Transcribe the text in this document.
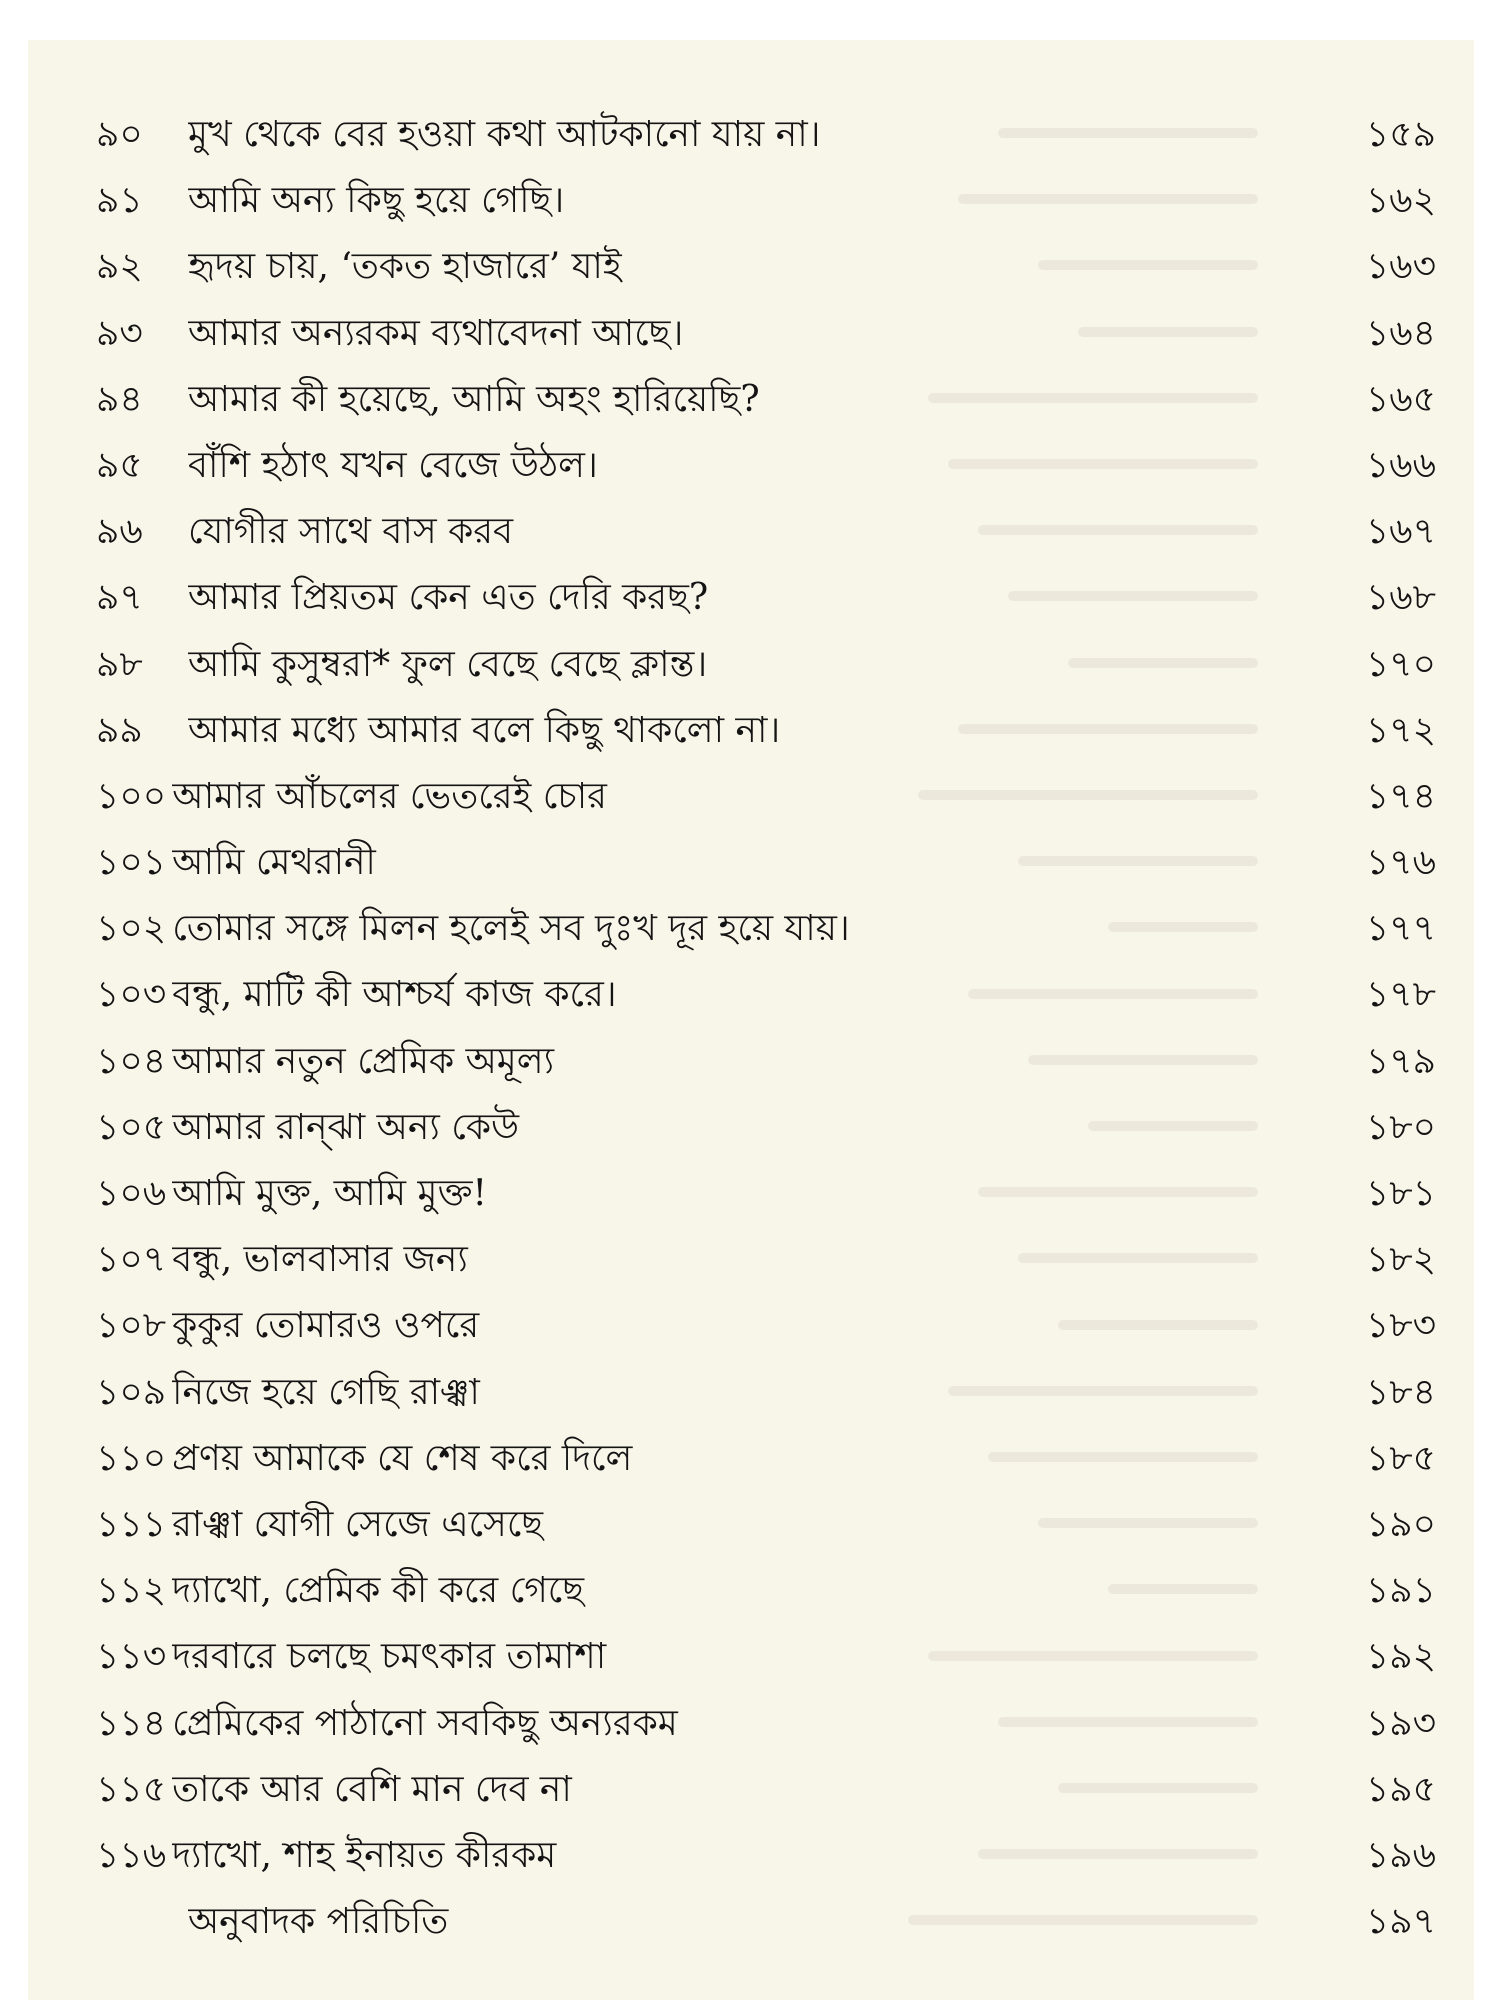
৯০	মুখ থেকে বের হওয়া কথা আটকানো যায় না।	১৫৯
৯১	আমি অন্য কিছু হয়ে গেছি।	১৬২
৯২	হৃদয় চায়, ‘তকত হাজারে’ যাই	১৬৩
৯৩	আমার অন্যরকম ব্যথাবেদনা আছে।	১৬৪
৯৪	আমার কী হয়েছে, আমি অহং হারিয়েছি?	১৬৫
৯৫	বাঁশি হঠাৎ যখন বেজে উঠল।	১৬৬
৯৬	যোগীর সাথে বাস করব	১৬৭
৯৭	আমার প্রিয়তম কেন এত দেরি করছ?	১৬৮
৯৮	আমি কুসুম্বরা* ফুল বেছে বেছে ক্লান্ত।	১৭০
৯৯	আমার মধ্যে আমার বলে কিছু থাকলো না।	১৭২
১০০ আমার আঁচলের ভেতরেই চোর	১৭৪
১০১ আমি মেথরানী	১৭৬
১০২ তোমার সঙ্গে মিলন হলেই সব দুঃখ দূর হয়ে যায়।	১৭৭
১০৩ বন্ধু, মাটি কী আশ্চর্য কাজ করে।	১৭৮
১০৪ আমার নতুন প্রেমিক অমূল্য	১৭৯
১০৫ আমার রান্ঝা অন্য কেউ	১৮০
১০৬ আমি মুক্ত, আমি মুক্ত!	১৮১
১০৭ বন্ধু, ভালবাসার জন্য	১৮২
১০৮ কুকুর তোমারও ওপরে	১৮৩
১০৯ নিজে হয়ে গেছি রাঞ্ঝা	১৮৪
১১০ প্রণয় আমাকে যে শেষ করে দিলে	১৮৫
১১১ রাঞ্ঝা যোগী সেজে এসেছে	১৯০
১১২ দ্যাখো, প্রেমিক কী করে গেছে	১৯১
১১৩ দরবারে চলছে চমৎকার তামাশা	১৯২
১১৪ প্রেমিকের পাঠানো সবকিছু অন্যরকম	১৯৩
১১৫ তাকে আর বেশি মান দেব না	১৯৫
১১৬ দ্যাখো, শাহ ইনায়ত কীরকম	১৯৬
অনুবাদক পরিচিতি	১৯৭
